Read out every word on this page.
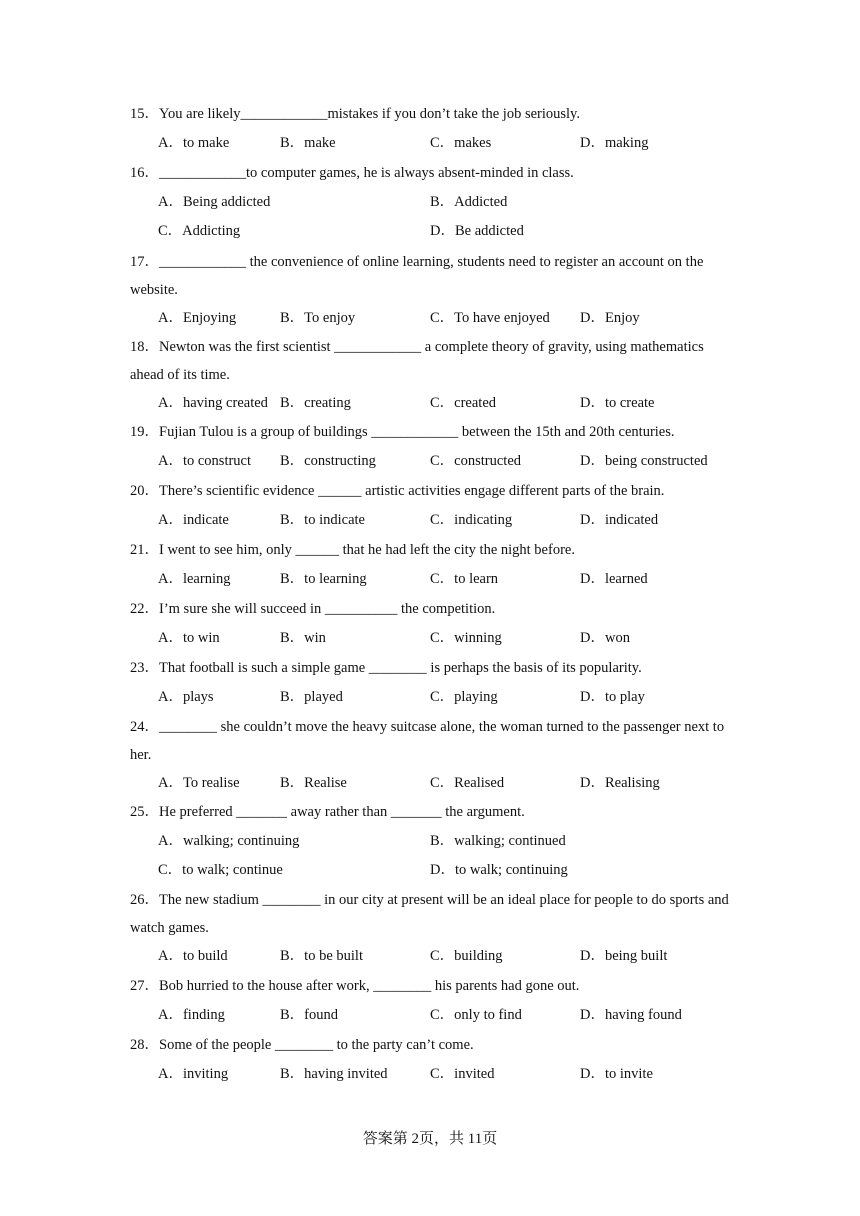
15．You are likely____________mistakes if you don’t take the job seriously.
A．to make	B．make	C．makes	D．making
16．____________to computer games, he is always absent-minded in class.
A．Being addicted	B．Addicted
C．Addicting	D．Be addicted
17．____________ the convenience of online learning, students need to register an account on the website.
A．Enjoying	B．To enjoy	C．To have enjoyed D．Enjoy
18．Newton was the first scientist ____________ a complete theory of gravity, using mathematics ahead of its time.
A．having created B．creating	C．created	D．to create
19．Fujian Tulou is a group of buildings ____________ between the 15th and 20th centuries.
A．to construct B．constructing	C．constructed	D．being constructed
20．There’s scientific evidence ______ artistic activities engage different parts of the brain.
A．indicate	B．to indicate	C．indicating	D．indicated
21．I went to see him, only ______ that he had left the city the night before.
A．learning	B．to learning	C．to learn	D．learned
22．I’m sure she will succeed in __________ the competition.
A．to win	B．win	C．winning	D．won
23．That football is such a simple game ________ is perhaps the basis of its popularity.
A．plays	B．played	C．playing	D．to play
24．________ she couldn’t move the heavy suitcase alone, the woman turned to the passenger next to her.
A．To realise	B．Realise	C．Realised	D．Realising
25．He preferred _______ away rather than _______ the argument.
A．walking; continuing	B．walking; continued
C．to walk; continue	D．to walk; continuing
26．The new stadium ________ in our city at present will be an ideal place for people to do sports and watch games.
A．to build	B．to be built	C．building	D．being built
27．Bob hurried to the house after work, ________ his parents had gone out.
A．finding	B．found	C．only to find	D．having found
28．Some of the people ________ to the party can’t come.
A．inviting	B．having invited	C．invited	D．to invite
答案第 2页，共 11页
